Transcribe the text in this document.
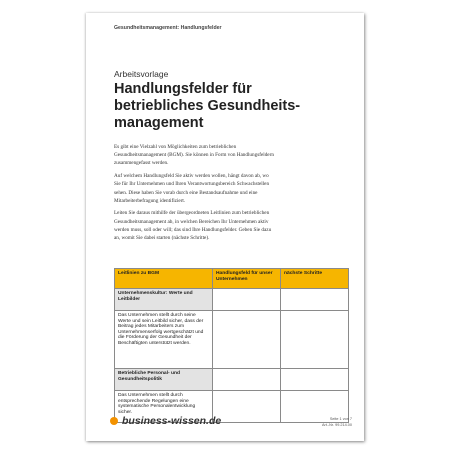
Gesundheitsmanagement: Handlungsfelder
Arbeitsvorlage
Handlungsfelder für
betriebliches Gesundheits-
management

Es gibt eine Vielzahl von Möglichkeiten zum betrieblichen
Gesundheitsmanagement (BGM). Sie können in Form von Handlungsfeldern
zusammengefasst werden.

Auf welchem Handlungsfeld Sie aktiv werden wollen, hängt davon ab, wo
Sie für Ihr Unternehmen und Ihren Verantwortungsbereich Schwachstellen
sehen. Diese haben Sie vorab durch eine Bestandsaufnahme und eine
Mitarbeiterbefragung identifiziert.

Leiten Sie daraus mithilfe der übergeordneten Leitlinien zum betrieblichen
Gesundheitsmanagement ab, in welchen Bereichen Ihr Unternehmen aktiv
werden muss, soll oder will; das sind Ihre Handlungsfelder. Geben Sie dazu
an, womit Sie dabei starten (nächste Schritte).

Leitlinien zu BGM	Handlungsfeld für unser Unternehmen	nächste Schritte
Unternehmenskultur: Werte und Leitbilder		
Das Unternehmen stellt durch seine Werte und sein Leitbild sicher, dass der Beitrag jedes Mitarbeiters zum Unternehmenserfolg wertgeschätzt und die Förderung der Gesundheit der Beschäftigten unterstützt werden.		
Betriebliche Personal- und Gesundheitspolitik		
Das Unternehmen stellt durch entsprechende Regelungen eine systematische Personalentwicklung sicher.		
business-wissen.de	Seite 1 von 7
Art.-Nr. 99.214.00
